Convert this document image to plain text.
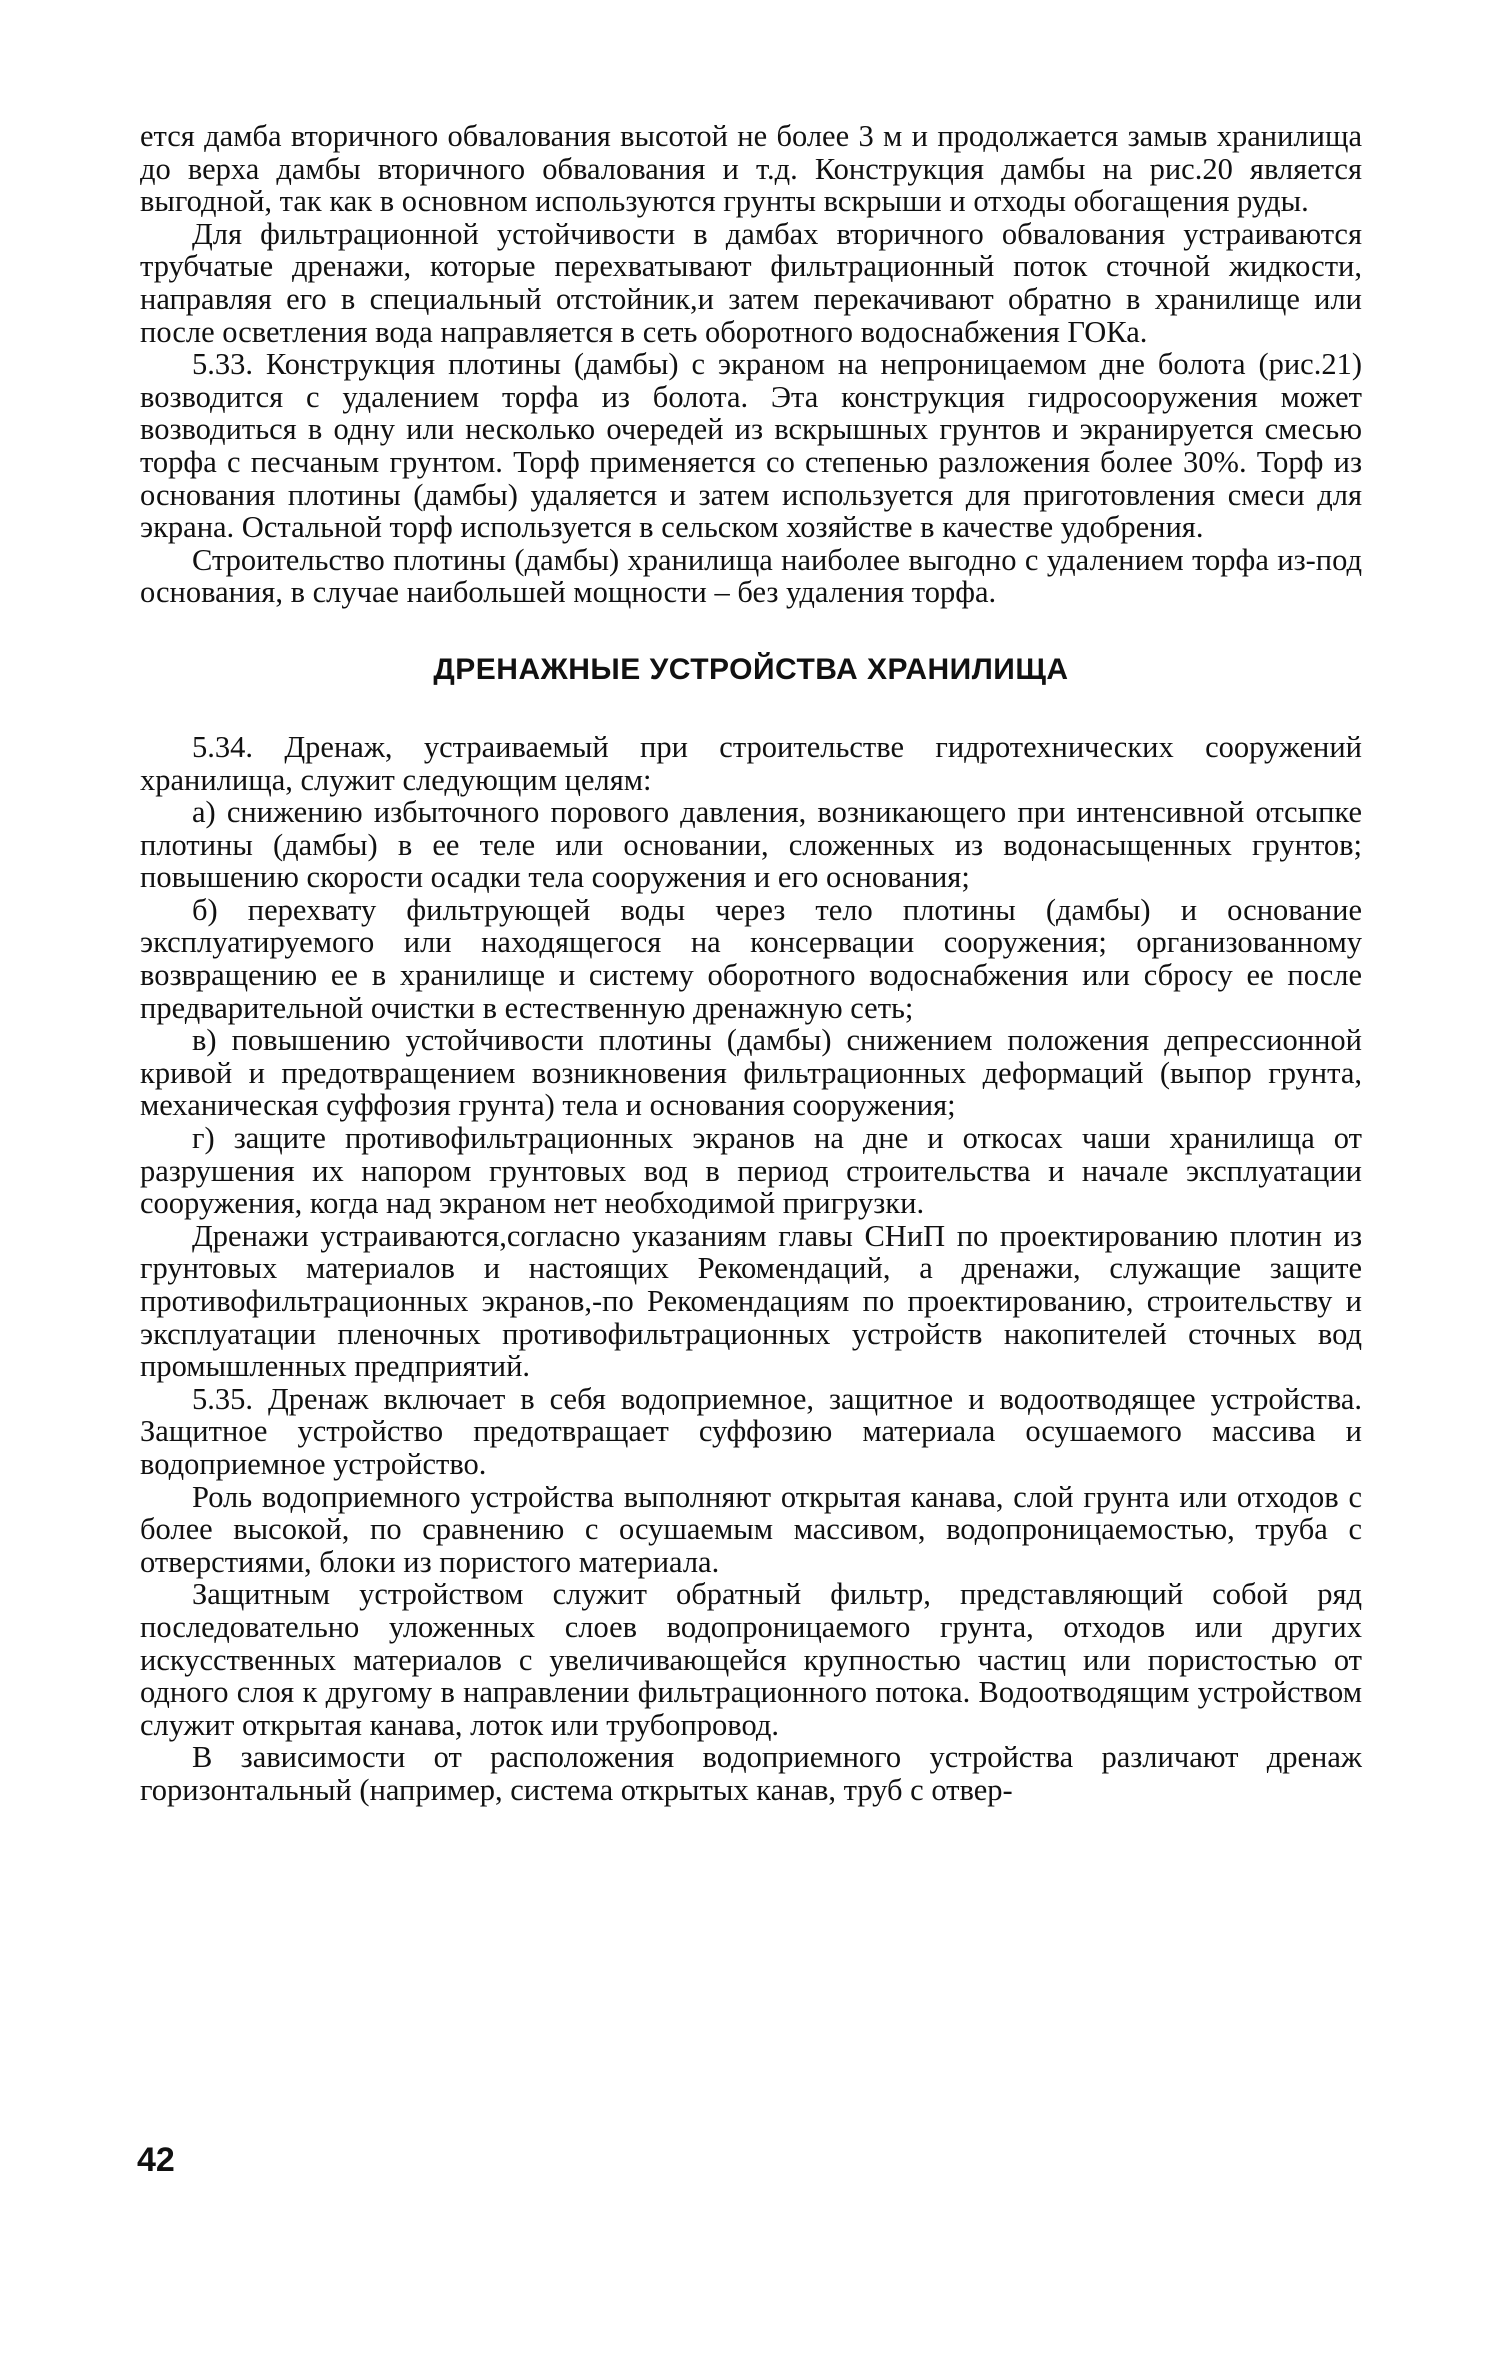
ется дамба вторичного обвалования высотой не более 3 м и продолжается замыв хранилища до верха дамбы вторичного обвалования и т.д. Конструкция дамбы на рис.20 является выгодной, так как в основном используются грунты вскрыши и отходы обогащения руды.

Для фильтрационной устойчивости в дамбах вторичного обвалования устраиваются трубчатые дренажи, которые перехватывают фильтрационный поток сточной жидкости, направляя его в специальный отстойник,и затем перекачивают обратно в хранилище или после осветления вода направляется в сеть оборотного водоснабжения ГОКа.

5.33. Конструкция плотины (дамбы) с экраном на непроницаемом дне болота (рис.21) возводится с удалением торфа из болота. Эта конструкция гидросооружения может возводиться в одну или несколько очередей из вскрышных грунтов и экранируется смесью торфа с песчаным грунтом. Торф применяется со степенью разложения более 30%. Торф из основания плотины (дамбы) удаляется и затем используется для приготовления смеси для экрана. Остальной торф используется в сельском хозяйстве в качестве удобрения.

Строительство плотины (дамбы) хранилища наиболее выгодно с удалением торфа из-под основания, в случае наибольшей мощности – без удаления торфа.

ДРЕНАЖНЫЕ УСТРОЙСТВА ХРАНИЛИЩА

5.34. Дренаж, устраиваемый при строительстве гидротехнических сооружений хранилища, служит следующим целям:

а) снижению избыточного порового давления, возникающего при интенсивной отсыпке плотины (дамбы) в ее теле или основании, сложенных из водонасыщенных грунтов; повышению скорости осадки тела сооружения и его основания;

б) перехвату фильтрующей воды через тело плотины (дамбы) и основание эксплуатируемого или находящегося на консервации сооружения; организованному возвращению ее в хранилище и систему оборотного водоснабжения или сбросу ее после предварительной очистки в естественную дренажную сеть;

в) повышению устойчивости плотины (дамбы) снижением положения депрессионной кривой и предотвращением возникновения фильтрационных деформаций (выпор грунта, механическая суффозия грунта) тела и основания сооружения;

г) защите противофильтрационных экранов на дне и откосах чаши хранилища от разрушения их напором грунтовых вод в период строительства и начале эксплуатации сооружения, когда над экраном нет необходимой пригрузки.

Дренажи устраиваются,согласно указаниям главы СНиП по проектированию плотин из грунтовых материалов и настоящих Рекомендаций, а дренажи, служащие защите противофильтрационных экранов,-по Рекомендациям по проектированию, строительству и эксплуатации пленочных противофильтрационных устройств накопителей сточных вод промышленных предприятий.

5.35. Дренаж включает в себя водоприемное, защитное и водоотводящее устройства. Защитное устройство предотвращает суффозию материала осушаемого массива и водоприемное устройство.

Роль водоприемного устройства выполняют открытая канава, слой грунта или отходов с более высокой, по сравнению с осушаемым массивом, водопроницаемостью, труба с отверстиями, блоки из пористого материала.

Защитным устройством служит обратный фильтр, представляющий собой ряд последовательно уложенных слоев водопроницаемого грунта, отходов или других искусственных материалов с увеличивающейся крупностью частиц или пористостью от одного слоя к другому в направлении фильтрационного потока. Водоотводящим устройством служит открытая канава, лоток или трубопровод.

В зависимости от расположения водоприемного устройства различают дренаж горизонтальный (например, система открытых канав, труб с отвер-

42
